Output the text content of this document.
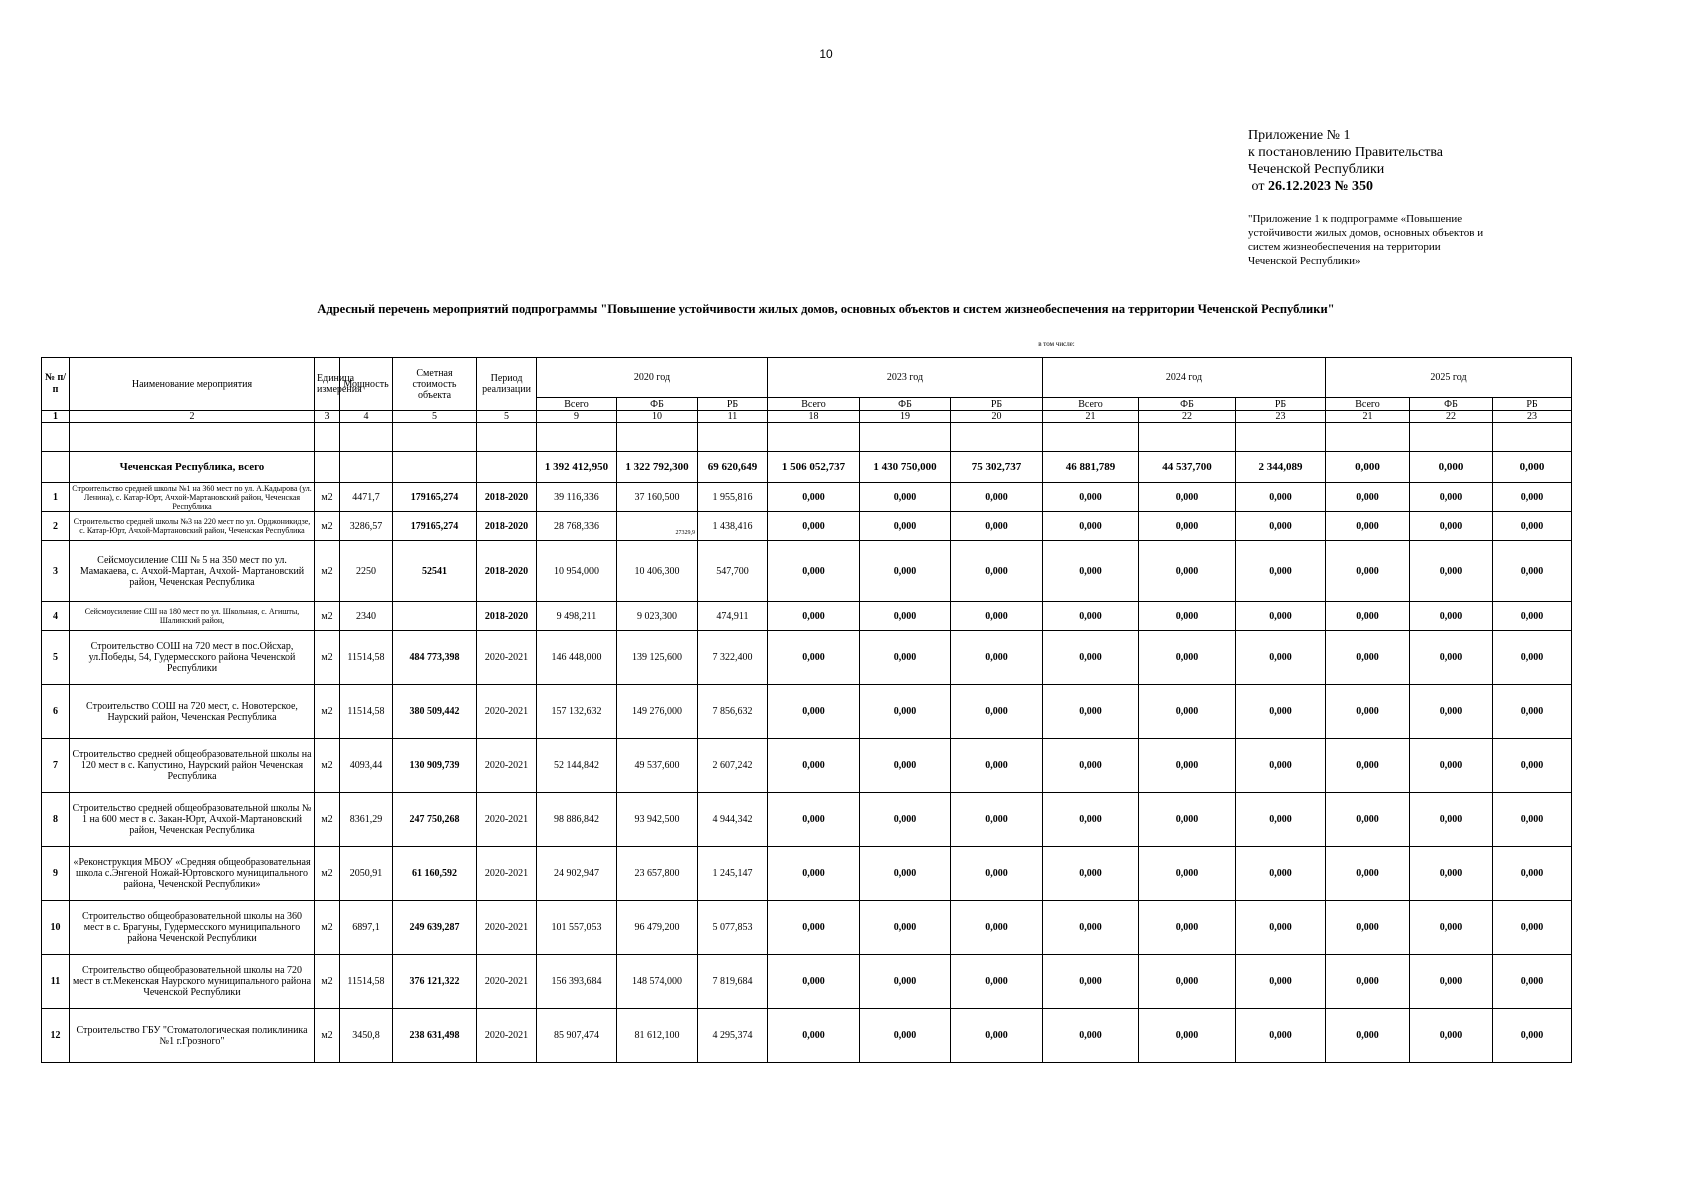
10
Приложение № 1
к постановлению Правительства
Чеченской Республики
от 26.12.2023 № 350
"Приложение 1 к подпрограмме «Повышение устойчивости жилых домов, основных объектов и систем жизнеобеспечения на территории Чеченской Республики»
Адресный перечень мероприятий подпрограммы "Повышение устойчивости жилых домов, основных объектов и систем жизнеобеспечения на территории Чеченской Республики"
в том числе:
№ п/п	Наименование мероприятия	Единица измерения	Мощность	Сметная стоимость объекта	Период реализации	2020 год			2023 год			2024 год			2025 год		
						Всего	ФБ	РБ	Всего	ФБ	РБ	Всего	ФБ	РБ	Всего	ФБ	РБ
1	2	3	4	5	5	9	10	11	18	19	20	21	22	23	21	22	23

	Чеченская Республика, всего					1 392 412,950	1 322 792,300	69 620,649	1 506 052,737	1 430 750,000	75 302,737	46 881,789	44 537,700	2 344,089	0,000	0,000	0,000
1	Строительство средней школы №1 на 360 мест по ул. А.Кадырова (ул. Ленина), с. Катар-Юрт, Ачхой-Мартановский район, Чеченская Республика	м2	4471,7	179165,274	2018-2020	39 116,336	37 160,500	1 955,816	0,000	0,000	0,000	0,000	0,000	0,000	0,000	0,000	0,000
2	Строительство средней школы №3 на 220 мест по ул. Орджоникидзе, с. Катар-Юрт, Ачхой-Мартановский район, Чеченская Республика	м2	3286,57	179165,274	2018-2020	28 768,336	27329,9	1 438,416	0,000	0,000	0,000	0,000	0,000	0,000	0,000	0,000	0,000
3	Сейсмоусиление СШ № 5 на 350 мест по ул. Мамакаева, с. Ачхой-Мартан, Ачхой- Мартановский район, Чеченская Республика	м2	2250	52541	2018-2020	10 954,000	10 406,300	547,700	0,000	0,000	0,000	0,000	0,000	0,000	0,000	0,000	0,000
4	Сейсмоусиление СШ на 180 мест по ул. Школьная, с. Агишты, Шалинский район,	м2	2340		2018-2020	9 498,211	9 023,300	474,911	0,000	0,000	0,000	0,000	0,000	0,000	0,000	0,000	0,000
5	Строительство СОШ на 720 мест в пос.Ойсхар, ул.Победы, 54, Гудермесского района Чеченской Республики	м2	11514,58	484 773,398	2020-2021	146 448,000	139 125,600	7 322,400	0,000	0,000	0,000	0,000	0,000	0,000	0,000	0,000	0,000
6	Строительство СОШ на 720 мест, с. Новотерское, Наурский район, Чеченская Республика	м2	11514,58	380 509,442	2020-2021	157 132,632	149 276,000	7 856,632	0,000	0,000	0,000	0,000	0,000	0,000	0,000	0,000	0,000
7	Строительство средней общеобразовательной школы на 120 мест в с. Капустино, Наурский район Чеченская Республика	м2	4093,44	130 909,739	2020-2021	52 144,842	49 537,600	2 607,242	0,000	0,000	0,000	0,000	0,000	0,000	0,000	0,000	0,000
8	Строительство средней общеобразовательной школы № 1 на 600 мест в с. Закан-Юрт, Ачхой-Мартановский район, Чеченская Республика	м2	8361,29	247 750,268	2020-2021	98 886,842	93 942,500	4 944,342	0,000	0,000	0,000	0,000	0,000	0,000	0,000	0,000	0,000
9	«Реконструкция МБОУ «Средняя общеобразовательная школа с.Энгеной Ножай-Юртовского муниципального района, Чеченской Республики»	м2	2050,91	61 160,592	2020-2021	24 902,947	23 657,800	1 245,147	0,000	0,000	0,000	0,000	0,000	0,000	0,000	0,000	0,000
10	Строительство общеобразовательной школы на 360 мест в с. Брагуны, Гудермесского муниципального района Чеченской Республики	м2	6897,1	249 639,287	2020-2021	101 557,053	96 479,200	5 077,853	0,000	0,000	0,000	0,000	0,000	0,000	0,000	0,000	0,000
11	Строительство общеобразовательной школы на 720 мест в ст.Мекенская Наурского муниципального района Чеченской Республики	м2	11514,58	376 121,322	2020-2021	156 393,684	148 574,000	7 819,684	0,000	0,000	0,000	0,000	0,000	0,000	0,000	0,000	0,000
12	Строительство ГБУ "Стоматологическая поликлиника №1 г.Грозного"	м2	3450,8	238 631,498	2020-2021	85 907,474	81 612,100	4 295,374	0,000	0,000	0,000	0,000	0,000	0,000	0,000	0,000	0,000
